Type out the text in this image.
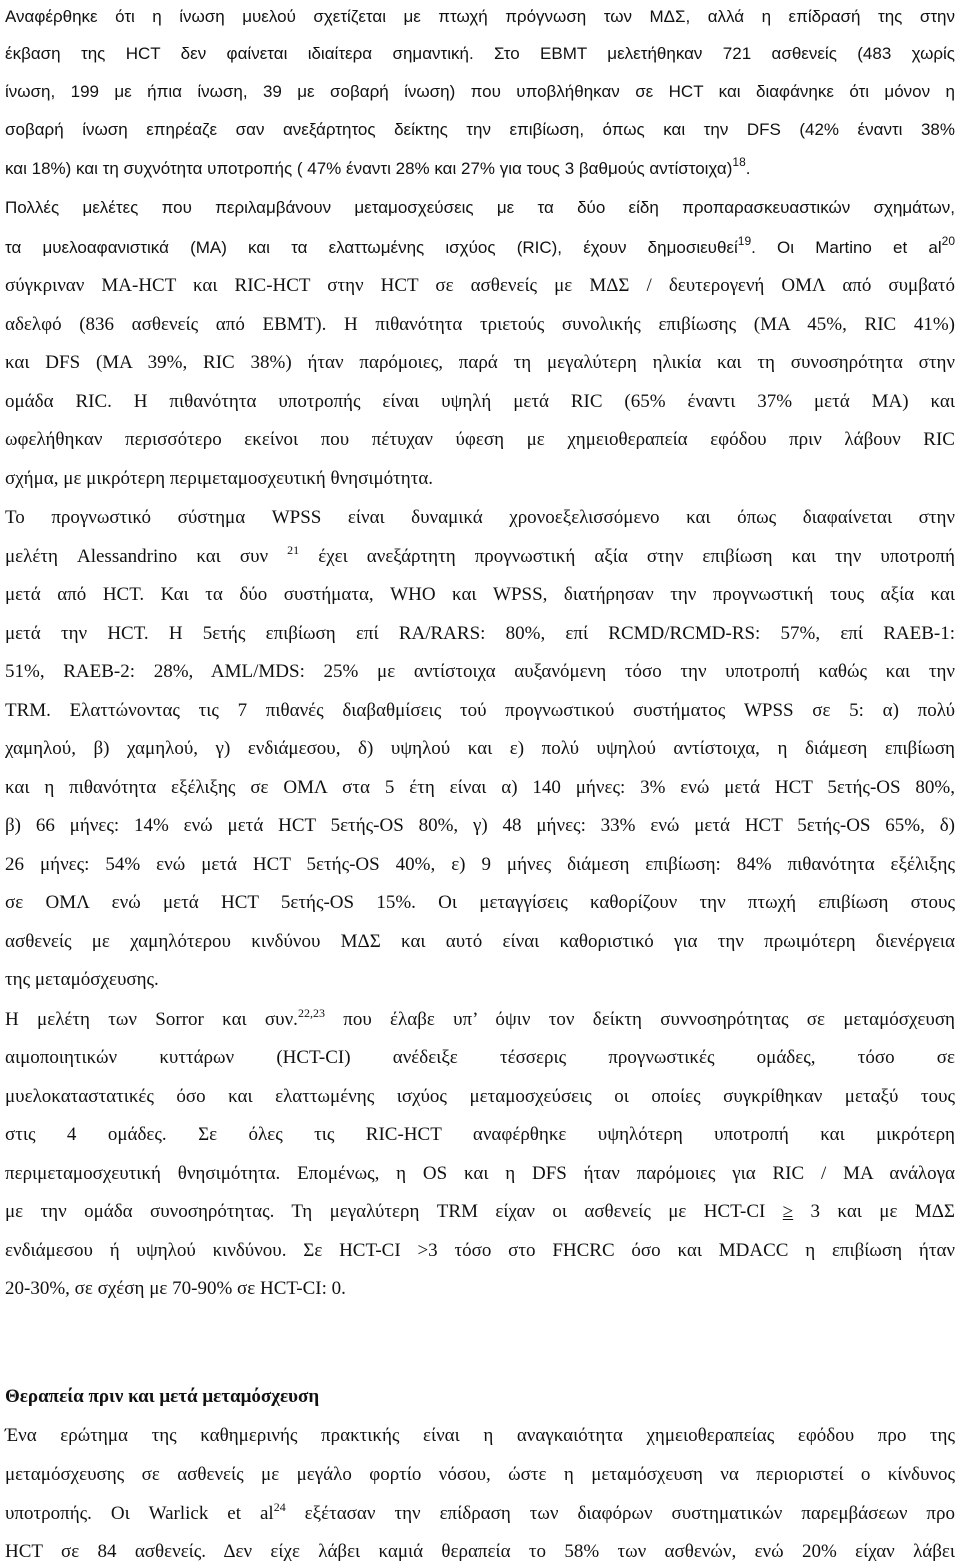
Αναφέρθηκε ότι η ίνωση μυελού σχετίζεται με πτωχή πρόγνωση των ΜΔΣ, αλλά η επίδρασή της στην
έκβαση της HCT δεν φαίνεται ιδιαίτερα σημαντική. Στο EBMT μελετήθηκαν 721 ασθενείς (483 χωρίς
ίνωση, 199 με ήπια ίνωση, 39 με σοβαρή ίνωση) που υποβλήθηκαν σε HCT και διαφάνηκε ότι μόνον η
σοβαρή ίνωση επηρέαζε σαν ανεξάρτητος δείκτης την επιβίωση, όπως και την DFS (42% έναντι 38%
και 18%) και τη συχνότητα υποτροπής ( 47% έναντι 28% και 27% για τους 3 βαθμούς αντίστοιχα)$^{18}$.
Πολλές μελέτες που περιλαμβάνουν μεταμοσχεύσεις με τα δύο είδη προπαρασκευαστικών σχημάτων,
τα μυελοαφανιστικά (MA) και τα ελαττωμένης ισχύος (RIC), έχουν δημοσιευθεί$^{19}$. Οι Martino et $al^{20}$
σύγκριναν MA-HCT και RIC-HCT στην HCT σε ασθενείς με ΜΔΣ / δευτερογενή ΟΜΛ από συμβατό
αδελφό (836 ασθενείς από EBMT). Η πιθανότητα τριετούς συνολικής επιβίωσης (MA 45%, RIC 41%)
και DFS (MA 39%, RIC 38%) ήταν παρόμοιες, παρά τη μεγαλύτερη ηλικία και τη συνοσηρότητα στην
ομάδα RIC. Η πιθανότητα υποτροπής είναι υψηλή μετά RIC (65% έναντι 37% μετά MA) και
ωφελήθηκαν περισσότερο εκείνοι που πέτυχαν ύφεση με χημειοθεραπεία εφόδου πριν λάβουν RIC
σχήμα, με μικρότερη περιμεταμοσχευτική θνησιμότητα.
Το προγνωστικό σύστημα WPSS είναι δυναμικά χρονοεξελισσόμενο και όπως διαφαίνεται στην
μελέτη Alessandrino και συν $^{21}$ έχει ανεξάρτητη προγνωστική αξία στην επιβίωση και την υποτροπή
μετά από HCT. Και τα δύο συστήματα, WHO και WPSS, διατήρησαν την προγνωστική τους αξία και
μετά την HCT. Η 5ετής επιβίωση επί RA/RARS: 80%, επί RCMD/RCMD-RS: 57%, επί RAEB-1:
51%, RAEB-2: 28%, AML/MDS: 25% με αντίστοιχα αυξανόμενη τόσο την υποτροπή καθώς και την
TRM. Ελαττώνοντας τις 7 πιθανές διαβαθμίσεις τού προγνωστικού συστήματος WPSS σε 5: α) πολύ
χαμηλού, β) χαμηλού, γ) ενδιάμεσου, δ) υψηλού και ε) πολύ υψηλού αντίστοιχα, η διάμεση επιβίωση
και η πιθανότητα εξέλιξης σε ΟΜΛ στα 5 έτη είναι α) 140 μήνες: 3% ενώ μετά HCT 5ετής-OS 80%,
β) 66 μήνες: 14% ενώ μετά HCT 5ετής-OS 80%, γ) 48 μήνες: 33% ενώ μετά HCT 5ετής-OS 65%, δ)
26 μήνες: 54% ενώ μετά HCT 5ετής-OS 40%, ε) 9 μήνες διάμεση επιβίωση: 84% πιθανότητα εξέλιξης
σε ΟΜΛ ενώ μετά HCT 5ετής-OS 15%. Οι μεταγγίσεις καθορίζουν την πτωχή επιβίωση στους
ασθενείς με χαμηλότερου κινδύνου ΜΔΣ και αυτό είναι καθοριστικό για την πρωιμότερη διενέργεια
της μεταμόσχευσης.
Η μελέτη των Sorror και συν.$^{22,23}$ που έλαβε υπ’ όψιν τον δείκτη συννοσηρότητας σε μεταμόσχευση
αιμοποιητικών κυττάρων (HCT-CI) ανέδειξε τέσσερις προγνωστικές ομάδες, τόσο σε
μυελοκαταστατικές όσο και ελαττωμένης ισχύος μεταμοσχεύσεις οι οποίες συγκρίθηκαν μεταξύ τους
στις 4 ομάδες. Σε όλες τις RIC-HCT αναφέρθηκε υψηλότερη υποτροπή και μικρότερη
περιμεταμοσχευτική θνησιμότητα. Επομένως, η OS και η DFS ήταν παρόμοιες για RIC / MA ανάλογα
με την ομάδα συνοσηρότητας. Τη μεγαλύτερη TRM είχαν οι ασθενείς με HCT-CI ≥ 3 και με ΜΔΣ
ενδιάμεσου ή υψηλού κινδύνου. Σε HCT-CI >3 τόσο στο FHCRC όσο και MDACC η επιβίωση ήταν
20-30%, σε σχέση με 70-90% σε HCT-CI: 0.
Θεραπεία πριν και μετά μεταμόσχευση
Ένα ερώτημα της καθημερινής πρακτικής είναι η αναγκαιότητα χημειοθεραπείας εφόδου προ της
μεταμόσχευσης σε ασθενείς με μεγάλο φορτίο νόσου, ώστε η μεταμόσχευση να περιοριστεί ο κίνδυνος
υποτροπής. Οι Warlick et $al^{24}$ εξέτασαν την επίδραση των διαφόρων συστηματικών παρεμβάσεων προ
HCT σε 84 ασθενείς. Δεν είχε λάβει καμιά θεραπεία το 58% των ασθενών, ενώ 20% είχαν λάβει
